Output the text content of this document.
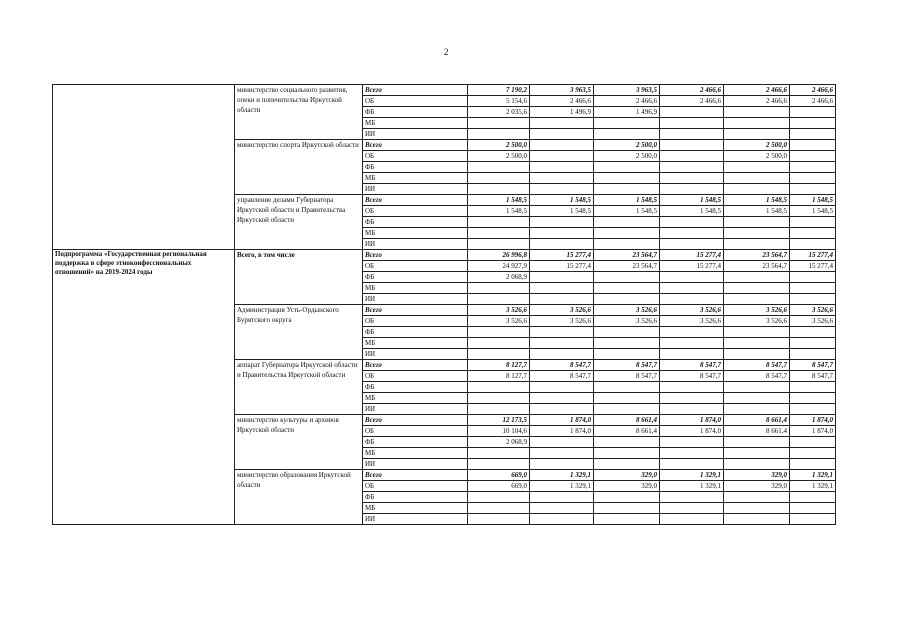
2
	министерство социального развития, опеки и попечительства Иркутской области	Всего	7 190,2	3 963,5	3 963,5	2 466,6	2 466,6	2 466,6
		ОБ	5 154,6	2 466,6	2 466,6	2 466,6	2 466,6	2 466,6
		ФБ	2 035,6	1 496,9	1 496,9			
		МБ						
		ИИ						
	министерство спорта Иркутской области	Всего	2 500,0		2 500,0		2 500,0	
		ОБ	2 500,0		2 500,0		2 500,0	
		ФБ						
		МБ						
		ИИ						
	управление делами Губернатора Иркутской области и Правительства Иркутской области	Всего	1 548,5	1 548,5	1 548,5	1 548,5	1 548,5	1 548,5
		ОБ	1 548,5	1 548,5	1 548,5	1 548,5	1 548,5	1 548,5
		ФБ						
		МБ						
		ИИ						
Подпрограмма «Государственная региональная поддержка в сфере этноконфессиональных отношений» на 2019-2024 годы	Всего, в том числе	Всего	26 996,8	15 277,4	23 564,7	15 277,4	23 564,7	15 277,4
		ОБ	24 927,9	15 277,4	23 564,7	15 277,4	23 564,7	15 277,4
		ФБ	2 068,9					
		МБ						
		ИИ						
	Администрация Усть-Ордынского Бурятского округа	Всего	3 526,6	3 526,6	3 526,6	3 526,6	3 526,6	3 526,6
		ОБ	3 526,6	3 526,6	3 526,6	3 526,6	3 526,6	3 526,6
		ФБ						
		МБ						
		ИИ						
	аппарат Губернатора Иркутской области и Правительства Иркутской области	Всего	8 127,7	8 547,7	8 547,7	8 547,7	8 547,7	8 547,7
		ОБ	8 127,7	8 547,7	8 547,7	8 547,7	8 547,7	8 547,7
		ФБ						
		МБ						
		ИИ						
	министерство культуры и архивов Иркутской области	Всего	12 173,5	1 874,0	8 661,4	1 874,0	8 661,4	1 874,0
		ОБ	10 104,6	1 874,0	8 661,4	1 874,0	8 661,4	1 874,0
		ФБ	2 068,9					
		МБ						
		ИИ						
	министерство образования Иркутской области	Всего	669,0	1 329,1	329,0	1 329,1	329,0	1 329,1
		ОБ	669,0	1 329,1	329,0	1 329,1	329,0	1 329,1
		ФБ						
		МБ						
		ИИ						
